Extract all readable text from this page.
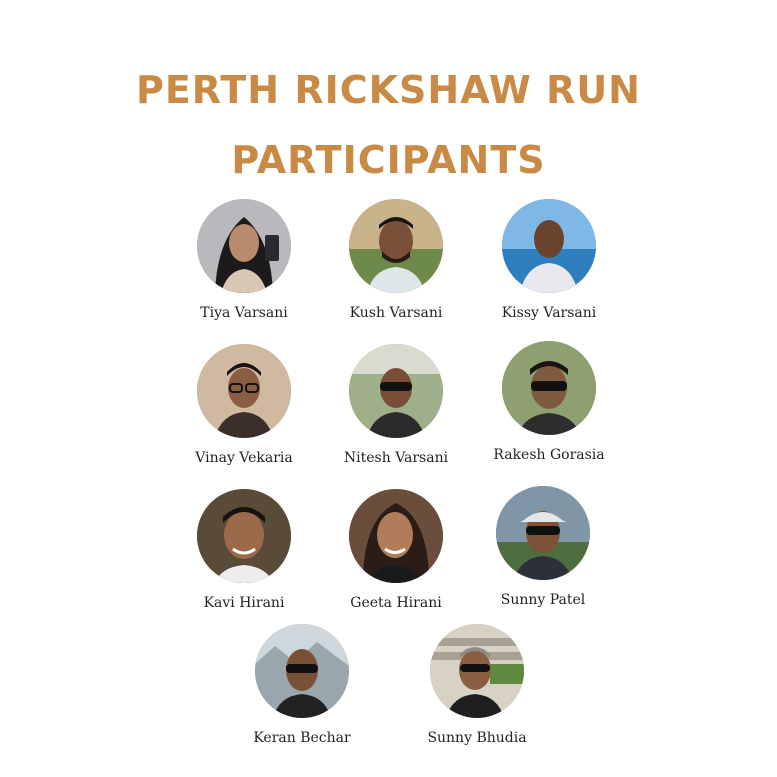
PERTH RICKSHAW RUN
PARTICIPANTS
Tiya Varsani	Kush Varsani	Kissy Varsani
Vinay Vekaria	Nitesh Varsani	Rakesh Gorasia
Kavi Hirani	Geeta Hirani	Sunny Patel
Keran Bechar	Sunny Bhudia
